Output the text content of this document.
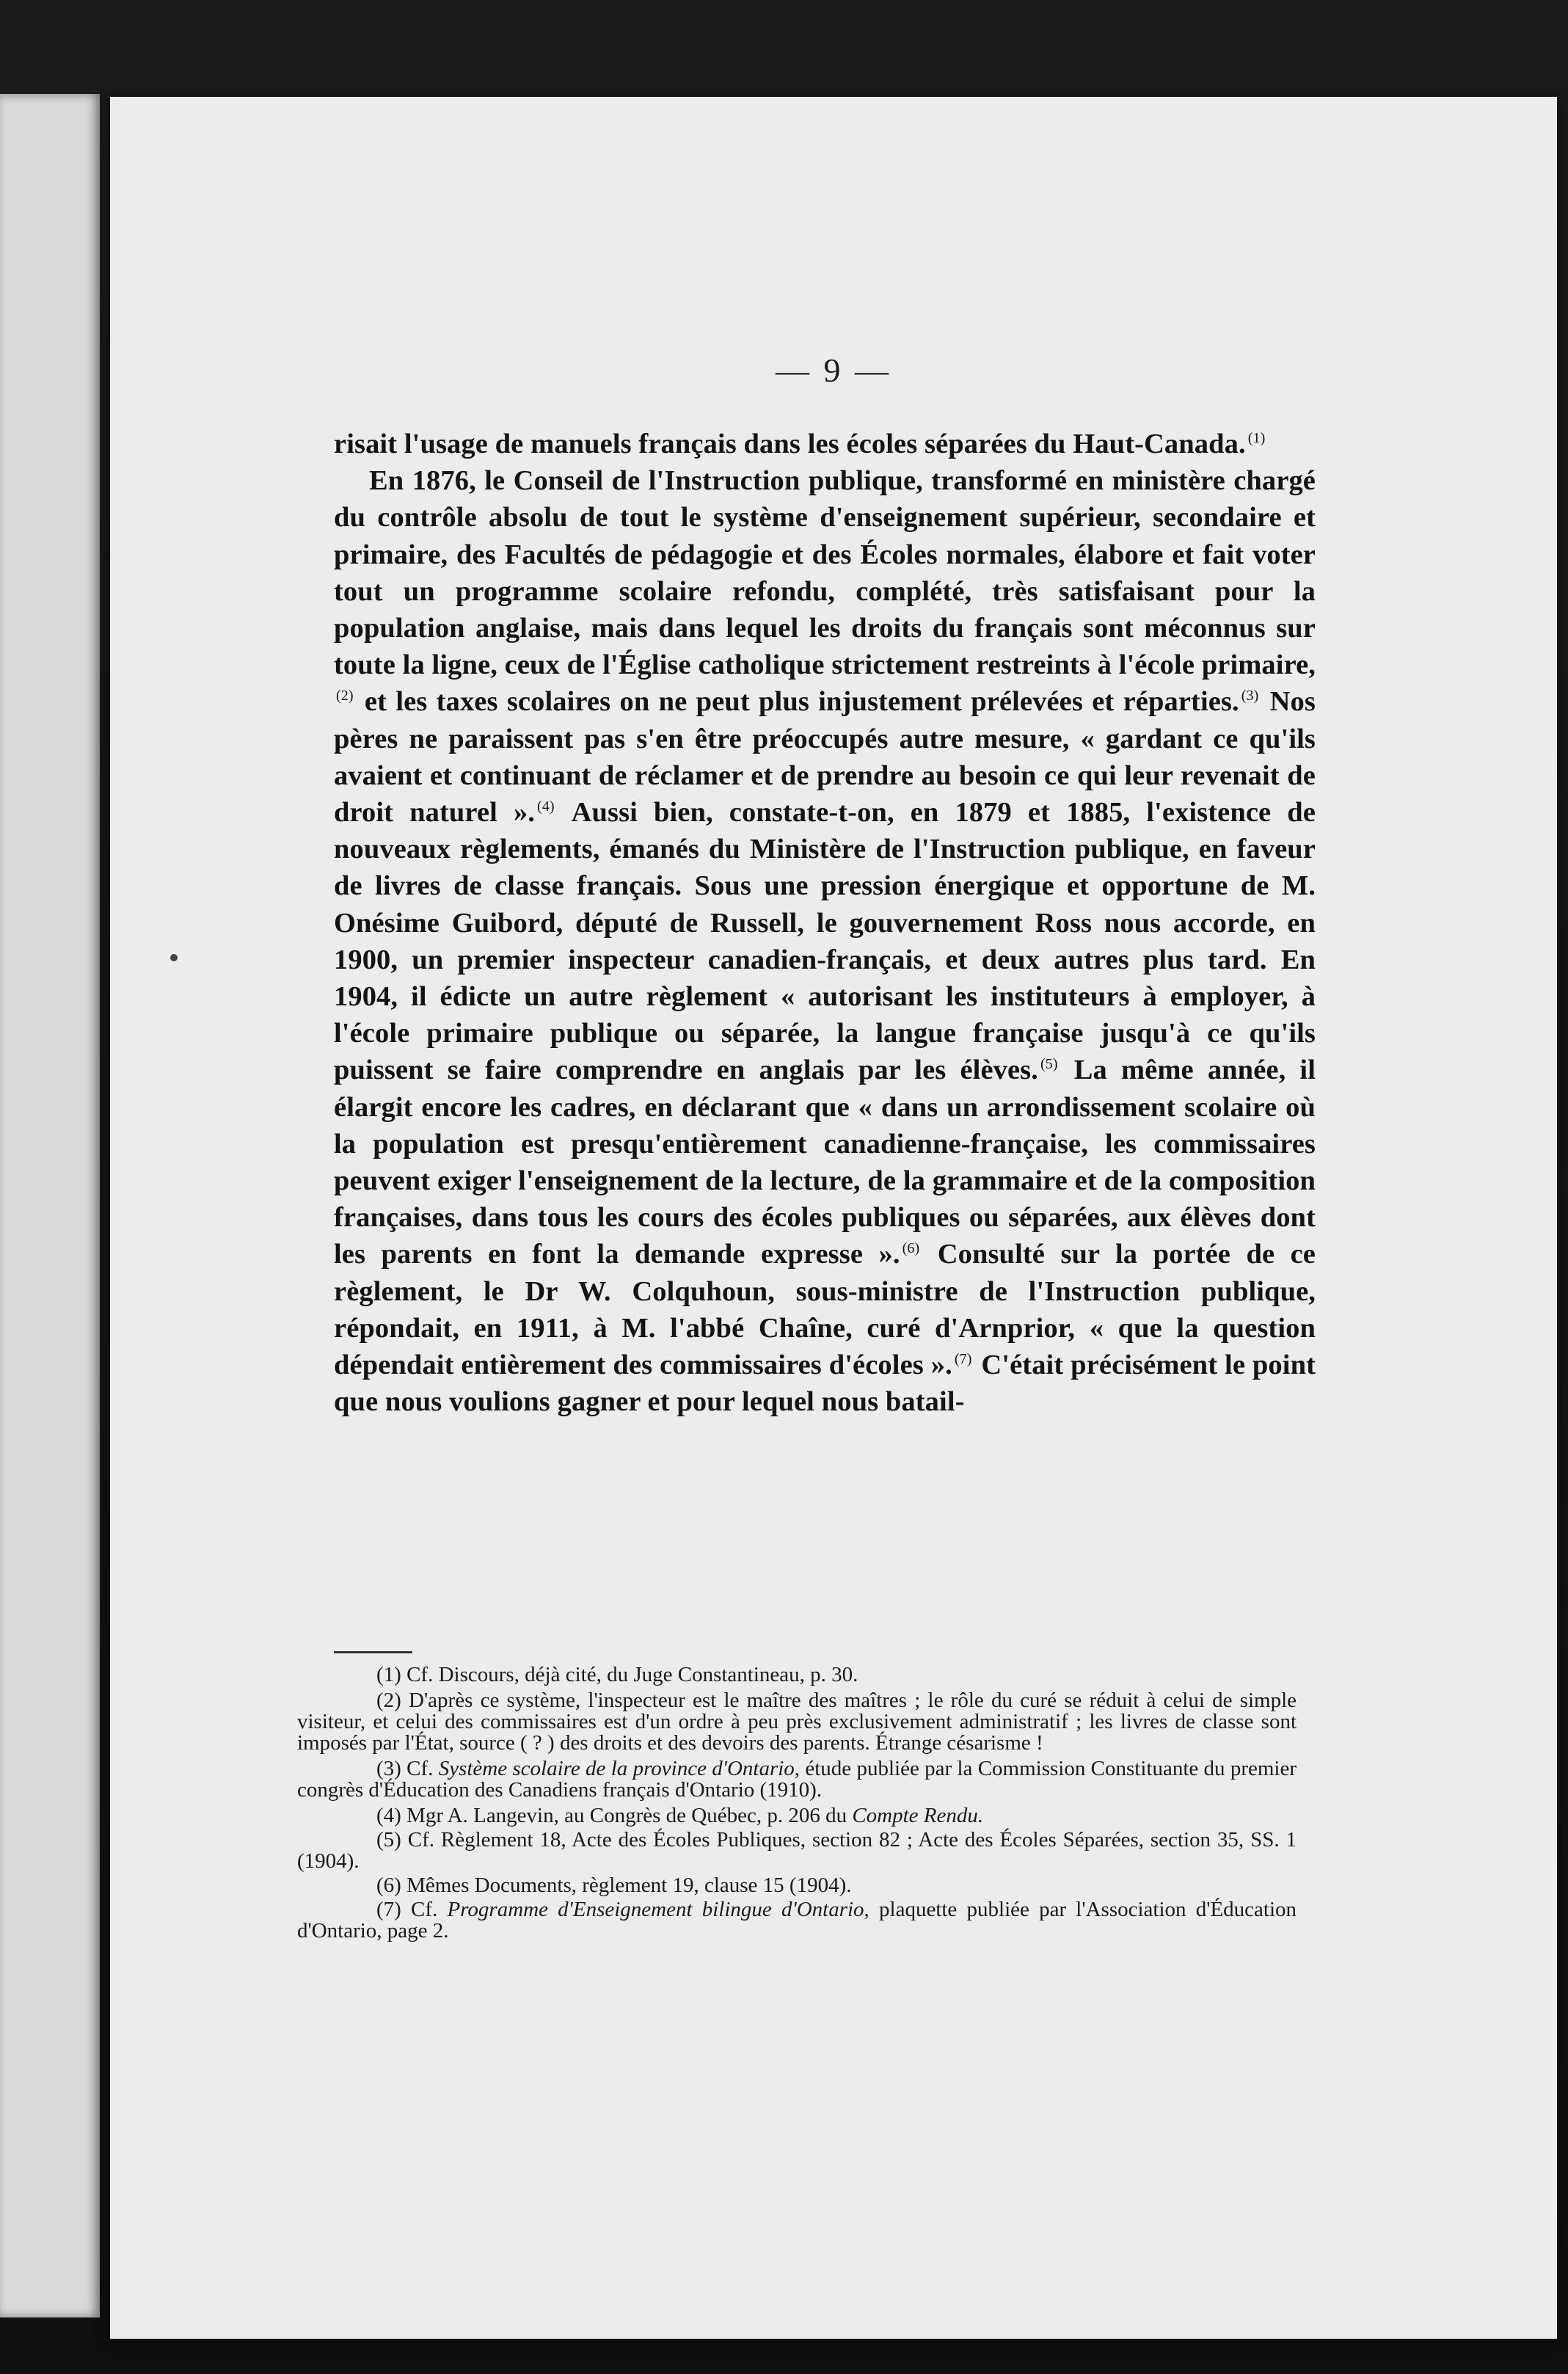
— 9 —

risait l'usage de manuels français dans les écoles séparées du Haut-Canada. $^{(1)}$

En 1876, le Conseil de l'Instruction publique, transformé en ministère chargé du contrôle absolu de tout le système d'enseignement supérieur, secondaire et primaire, des Facultés de pédagogie et des Écoles normales, élabore et fait voter tout un programme scolaire refondu, complété, très satisfaisant pour la population anglaise, mais dans lequel les droits du français sont méconnus sur toute la ligne, ceux de l'Église catholique strictement restreints à l'école primaire,$^{(2)}$ et les taxes scolaires on ne peut plus injustement prélevées et réparties. $^{(3)}$ Nos pères ne paraissent pas s'en être préoccupés autre mesure, « gardant ce qu'ils avaient et continuant de réclamer et de prendre au besoin ce qui leur revenait de droit naturel ». $^{(4)}$ Aussi bien, constate-t-on, en 1879 et 1885, l'existence de nouveaux règlements, émanés du Ministère de l'Instruction publique, en faveur de livres de classe français. Sous une pression énergique et opportune de M. Onésime Guibord, député de Russell, le gouvernement Ross nous accorde, en 1900, un premier inspecteur canadien-français, et deux autres plus tard. En 1904, il édicte un autre règlement « autorisant les instituteurs à employer, à l'école primaire publique ou séparée, la langue française jusqu'à ce qu'ils puissent se faire comprendre en anglais par les élèves. $^{(5)}$ La même année, il élargit encore les cadres, en déclarant que « dans un arrondissement scolaire où la population est presqu'entièrement canadienne-française, les commissaires peuvent exiger l'enseignement de la lecture, de la grammaire et de la composition françaises, dans tous les cours des écoles publiques ou séparées, aux élèves dont les parents en font la demande expresse ». $^{(6)}$ Consulté sur la portée de ce règlement, le Dr W. Colquhoun, sous-ministre de l'Instruction publique, répondait, en 1911, à M. l'abbé Chaîne, curé d'Arnprior, « que la question dépendait entièrement des commissaires d'écoles ». $^{(7)}$ C'était précisément le point que nous voulions gagner et pour lequel nous batail-

(1) Cf. Discours, déjà cité, du Juge Constantineau, p. 30.

(2) D'après ce système, l'inspecteur est le maître des maîtres ; le rôle du curé se réduit à celui de simple visiteur, et celui des commissaires est d'un ordre à peu près exclusivement administratif ; les livres de classe sont imposés par l'État, source ( ? ) des droits et des devoirs des parents. Étrange césarisme !

(3) Cf. Système scolaire de la province d'Ontario, étude publiée par la Commission Constituante du premier congrès d'Éducation des Canadiens français d'Ontario (1910).

(4) Mgr A. Langevin, au Congrès de Québec, p. 206 du Compte Rendu.

(5) Cf. Règlement 18, Acte des Écoles Publiques, section 82 ; Acte des Écoles Séparées, section 35, SS. 1 (1904).

(6) Mêmes Documents, règlement 19, clause 15 (1904).

(7) Cf. Programme d'Enseignement bilingue d'Ontario, plaquette publiée par l'Association d'Éducation d'Ontario, page 2.
